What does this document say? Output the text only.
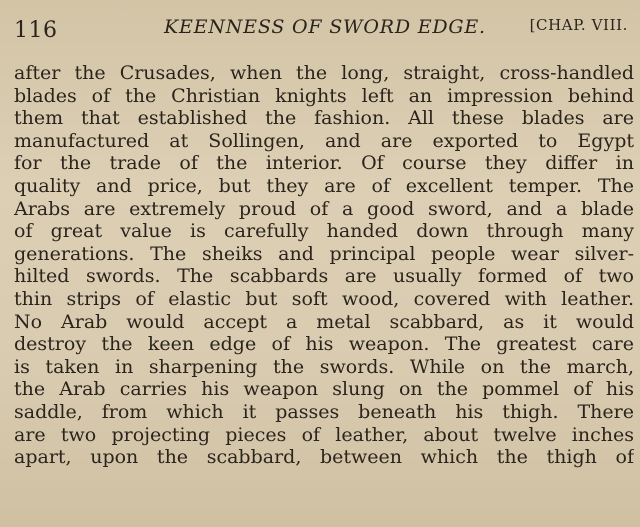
116	KEENNESS OF SWORD EDGE.	[CHAP. VIII.
after the Crusades, when the long, straight, cross-handled
blades of the Christian knights left an impression behind
them that established the fashion. All these blades are
manufactured at Sollingen, and are exported to Egypt
for the trade of the interior. Of course they differ in
quality and price, but they are of excellent temper. The
Arabs are extremely proud of a good sword, and a blade
of great value is carefully handed down through many
generations. The sheiks and principal people wear silver-
hilted swords. The scabbards are usually formed of two
thin strips of elastic but soft wood, covered with leather.
No Arab would accept a metal scabbard, as it would
destroy the keen edge of his weapon. The greatest care
is taken in sharpening the swords. While on the march,
the Arab carries his weapon slung on the pommel of his
saddle, from which it passes beneath his thigh. There
are two projecting pieces of leather, about twelve inches
apart, upon the scabbard, between which the thigh of
